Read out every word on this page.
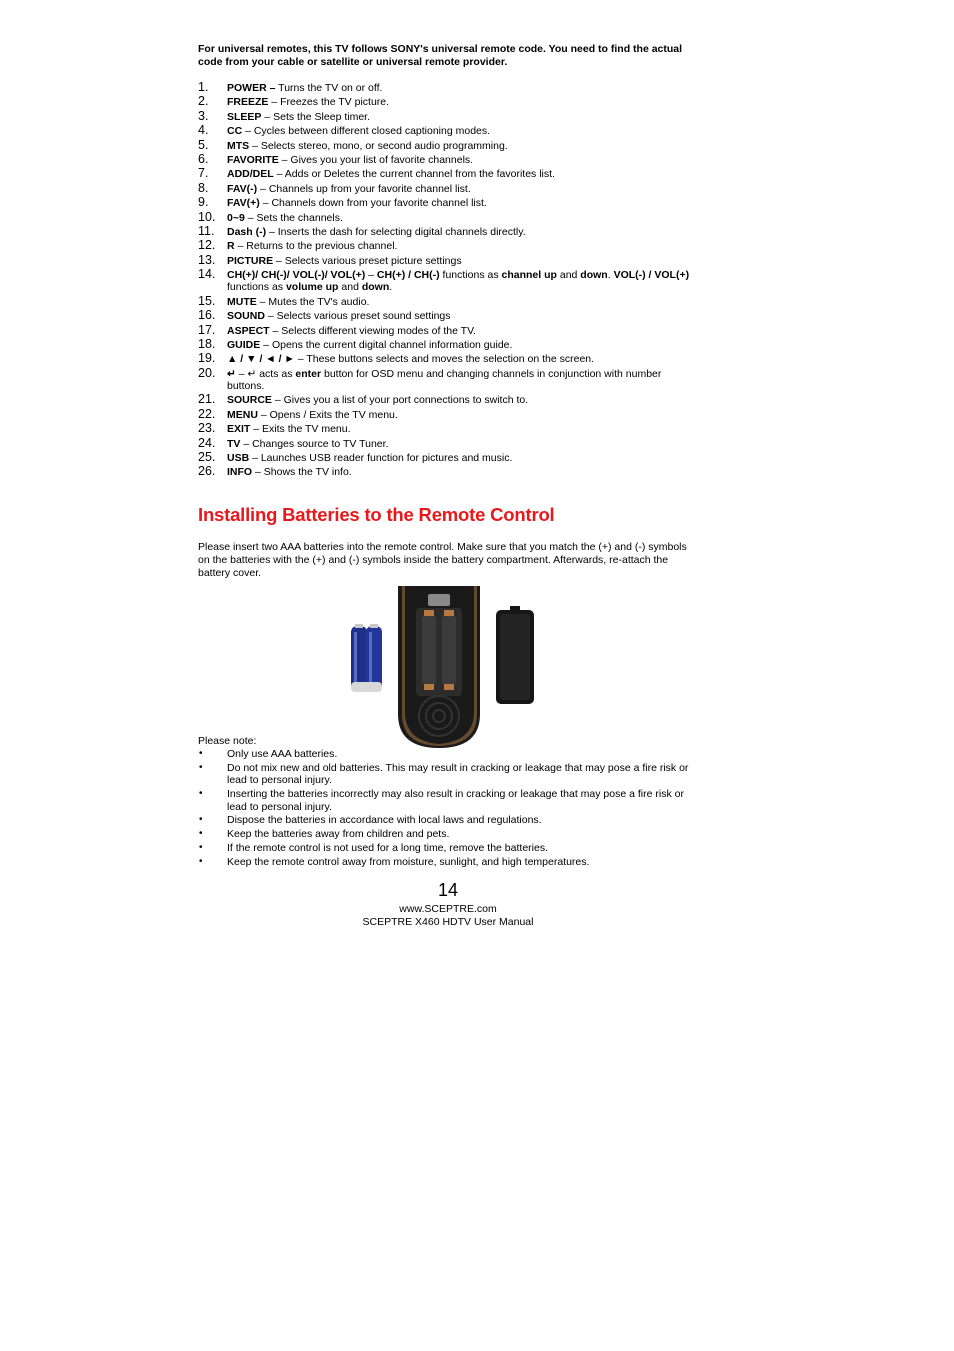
For universal remotes, this TV follows SONY's universal remote code. You need to find the actual code from your cable or satellite or universal remote provider.
1. POWER – Turns the TV on or off.
2. FREEZE – Freezes the TV picture.
3. SLEEP – Sets the Sleep timer.
4. CC – Cycles between different closed captioning modes.
5. MTS – Selects stereo, mono, or second audio programming.
6. FAVORITE – Gives you your list of favorite channels.
7. ADD/DEL – Adds or Deletes the current channel from the favorites list.
8. FAV(-) – Channels up from your favorite channel list.
9. FAV(+) – Channels down from your favorite channel list.
10. 0~9 – Sets the channels.
11. Dash (-) – Inserts the dash for selecting digital channels directly.
12. R – Returns to the previous channel.
13. PICTURE – Selects various preset picture settings
14. CH(+)/ CH(-)/ VOL(-)/ VOL(+) – CH(+) / CH(-) functions as channel up and down. VOL(-) / VOL(+) functions as volume up and down.
15. MUTE – Mutes the TV's audio.
16. SOUND – Selects various preset sound settings
17. ASPECT – Selects different viewing modes of the TV.
18. GUIDE – Opens the current digital channel information guide.
19. ▲ / ▼ / ◄ / ► – These buttons selects and moves the selection on the screen.
20. ↵ – ↵ acts as enter button for OSD menu and changing channels in conjunction with number buttons.
21. SOURCE – Gives you a list of your port connections to switch to.
22. MENU – Opens / Exits the TV menu.
23. EXIT – Exits the TV menu.
24. TV – Changes source to TV Tuner.
25. USB – Launches USB reader function for pictures and music.
26. INFO – Shows the TV info.
Installing Batteries to the Remote Control
Please insert two AAA batteries into the remote control. Make sure that you match the (+) and (-) symbols on the batteries with the (+) and (-) symbols inside the battery compartment. Afterwards, re-attach the battery cover.
Please note:
• Only use AAA batteries.
• Do not mix new and old batteries. This may result in cracking or leakage that may pose a fire risk or lead to personal injury.
• Inserting the batteries incorrectly may also result in cracking or leakage that may pose a fire risk or lead to personal injury.
• Dispose the batteries in accordance with local laws and regulations.
• Keep the batteries away from children and pets.
• If the remote control is not used for a long time, remove the batteries.
• Keep the remote control away from moisture, sunlight, and high temperatures.
14
www.SCEPTRE.com
SCEPTRE X460 HDTV User Manual
